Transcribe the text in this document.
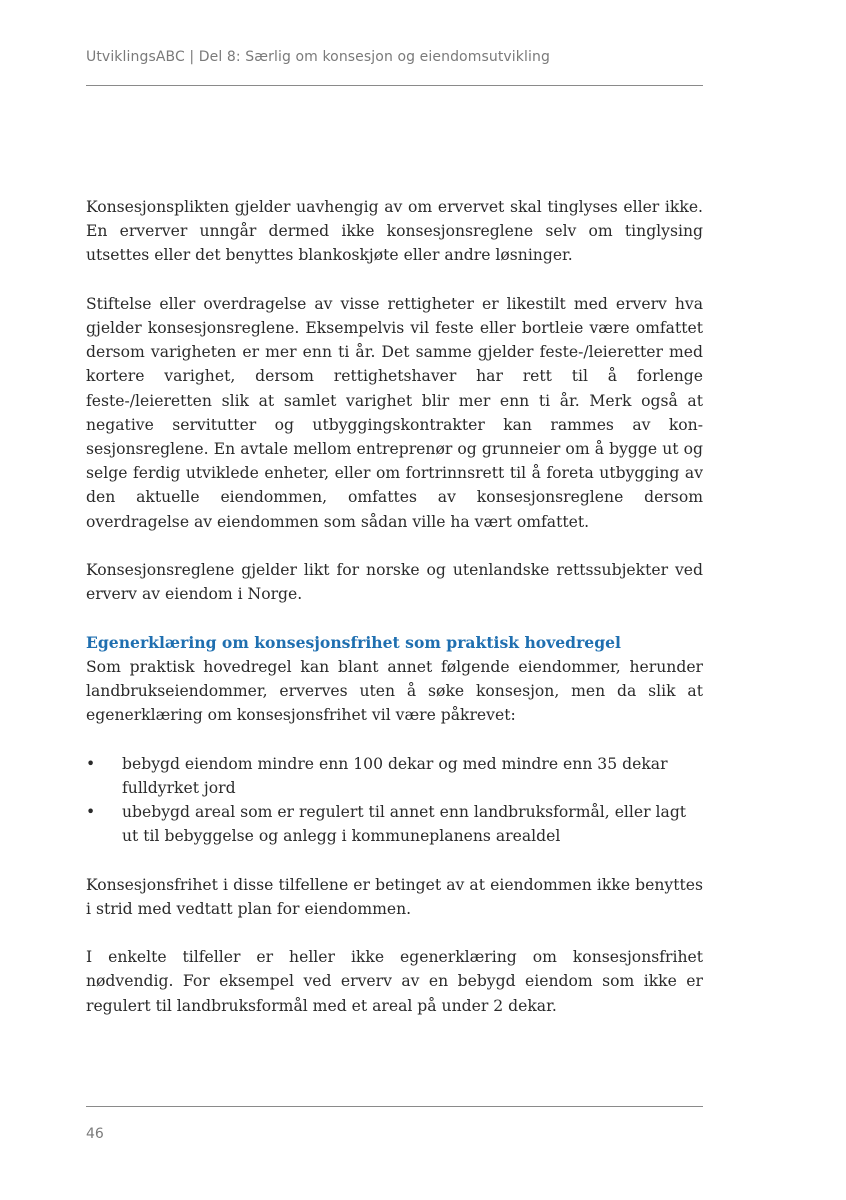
UtviklingsABC | Del 8: Særlig om konsesjon og eiendomsutvikling

Konsesjonsplikten gjelder uavhengig av om ervervet skal tinglyses eller ikke. En erverver unngår dermed ikke konsesjonsreglene selv om tinglysing utsettes eller det benyttes blankoskjøte eller andre løsninger.

Stiftelse eller overdragelse av visse rettigheter er likestilt med erverv hva gjelder konsesjonsreglene. Eksempelvis vil feste eller bortleie være omfattet dersom varigheten er mer enn ti år. Det samme gjelder feste-/leieretter med kortere varighet, dersom rettighetshaver har rett til å forlenge feste-/leieretten slik at samlet varighet blir mer enn ti år. Merk også at negative servitutter og utbyggingskontrakter kan rammes av konsesjonsreglene. En avtale mellom entreprenør og grunneier om å bygge ut og selge ferdig utviklede enheter, eller om fortrinnsrett til å foreta utbygging av den aktuelle eiendommen, omfattes av konsesjonsreglene dersom overdragelse av eiendommen som sådan ville ha vært omfattet.

Konsesjonsreglene gjelder likt for norske og utenlandske rettssubjekter ved erverv av eiendom i Norge.

Egenerklæring om konsesjonsfrihet som praktisk hovedregel

Som praktisk hovedregel kan blant annet følgende eiendommer, herunder landbrukseiendommer, erverves uten å søke konsesjon, men da slik at egenerklæring om konsesjonsfrihet vil være påkrevet:

• bebygd eiendom mindre enn 100 dekar og med mindre enn 35 dekar fulldyrket jord
• ubebygd areal som er regulert til annet enn landbruksformål, eller lagt ut til bebyggelse og anlegg i kommuneplanens arealdel

Konsesjonsfrihet i disse tilfellene er betinget av at eiendommen ikke benyttes i strid med vedtatt plan for eiendommen.

I enkelte tilfeller er heller ikke egenerklæring om konsesjonsfrihet nødvendig. For eksempel ved erverv av en bebygd eiendom som ikke er regulert til landbruksformål med et areal på under 2 dekar.

46
